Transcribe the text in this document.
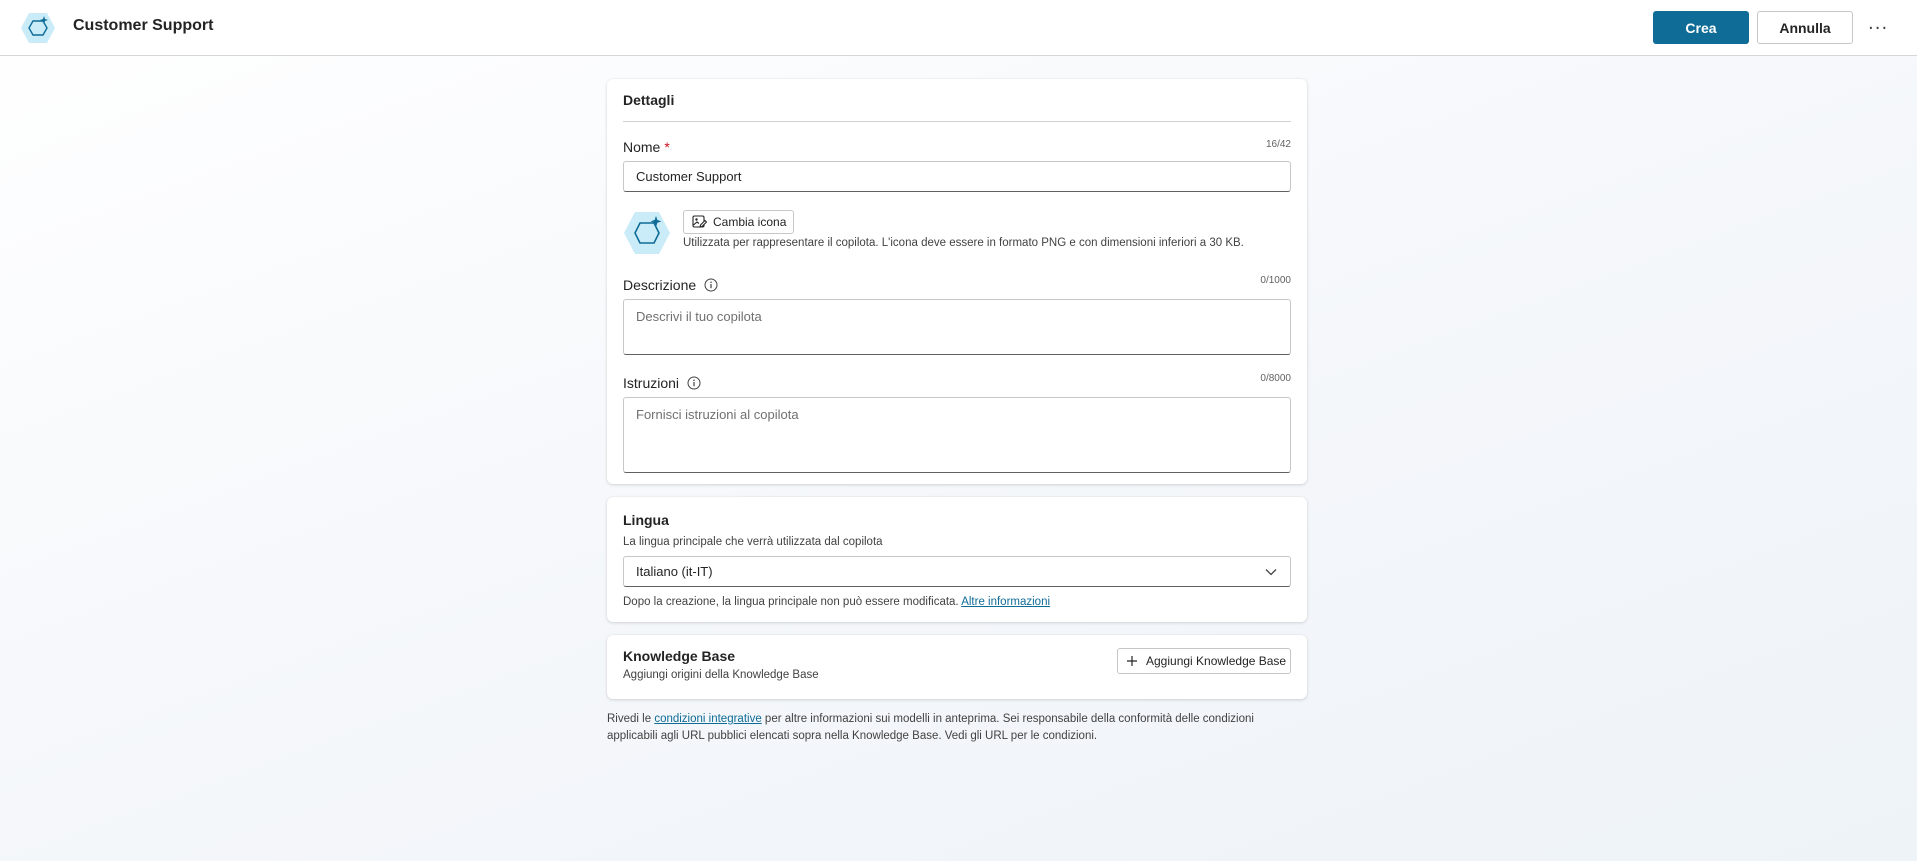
Customer Support	Crea	Annulla	···
Dettagli
Nome *	16/42
Customer Support
Cambia icona
Utilizzata per rappresentare il copilota. L'icona deve essere in formato PNG e con dimensioni inferiori a 30 KB.
Descrizione	0/1000
Descrivi il tuo copilota
Istruzioni	0/8000
Fornisci istruzioni al copilota
Lingua
La lingua principale che verrà utilizzata dal copilota
Italiano (it-IT)
Dopo la creazione, la lingua principale non può essere modificata. Altre informazioni
Knowledge Base
Aggiungi origini della Knowledge Base
Aggiungi Knowledge Base
Rivedi le condizioni integrative per altre informazioni sui modelli in anteprima. Sei responsabile della conformità delle condizioni applicabili agli URL pubblici elencati sopra nella Knowledge Base. Vedi gli URL per le condizioni.
